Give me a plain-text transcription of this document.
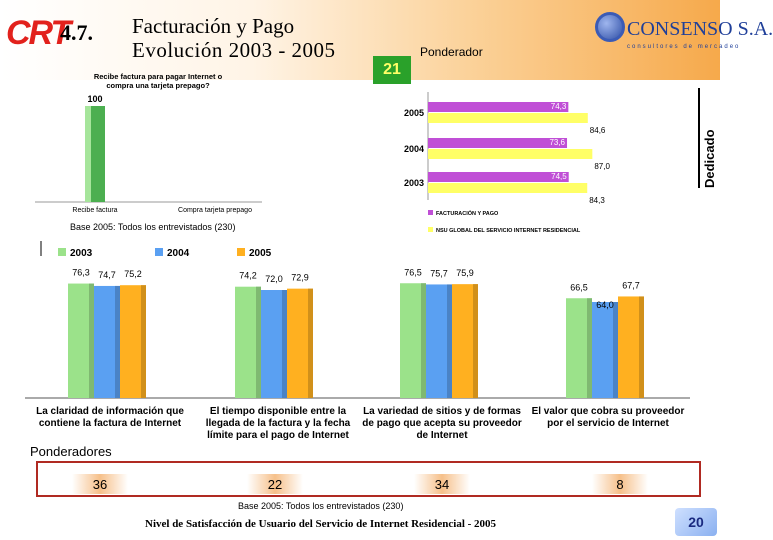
CRT
4.7. Facturación y Pago
Evolución 2003 - 2005	Ponderador
21
CONSENSO S.A.
consultores de mercadeo
Dedicado
Recibe factura para pagar Internet o
compra una tarjeta prepago?
100
Recibe factura	Compra tarjeta prepago
2005
74,3
84,6
2004
73,6
87,0
2003
74,5
84,3
FACTURACIÓN Y PAGO
NSU GLOBAL DEL SERVICIO INTERNET RESIDENCIAL
2003	2004	2005
76,3 74,7 75,2	74,2 72,0 72,9
76,5 75,7 75,9
66,5
64,0
67,7
Base 2005: Todos los entrevistados (230)
La claridad de información que contiene la factura de Internet
El tiempo disponible entre la llegada de la factura y la fecha límite para el pago de Internet
La variedad de sitios y de formas de pago que acepta su proveedor de Internet
El valor que cobra su proveedor por el servicio de Internet
Ponderadores
36	22	34	8
Base 2005: Todos los entrevistados (230)
Nivel de Satisfacción de Usuario del Servicio de Internet Residencial - 2005	20
